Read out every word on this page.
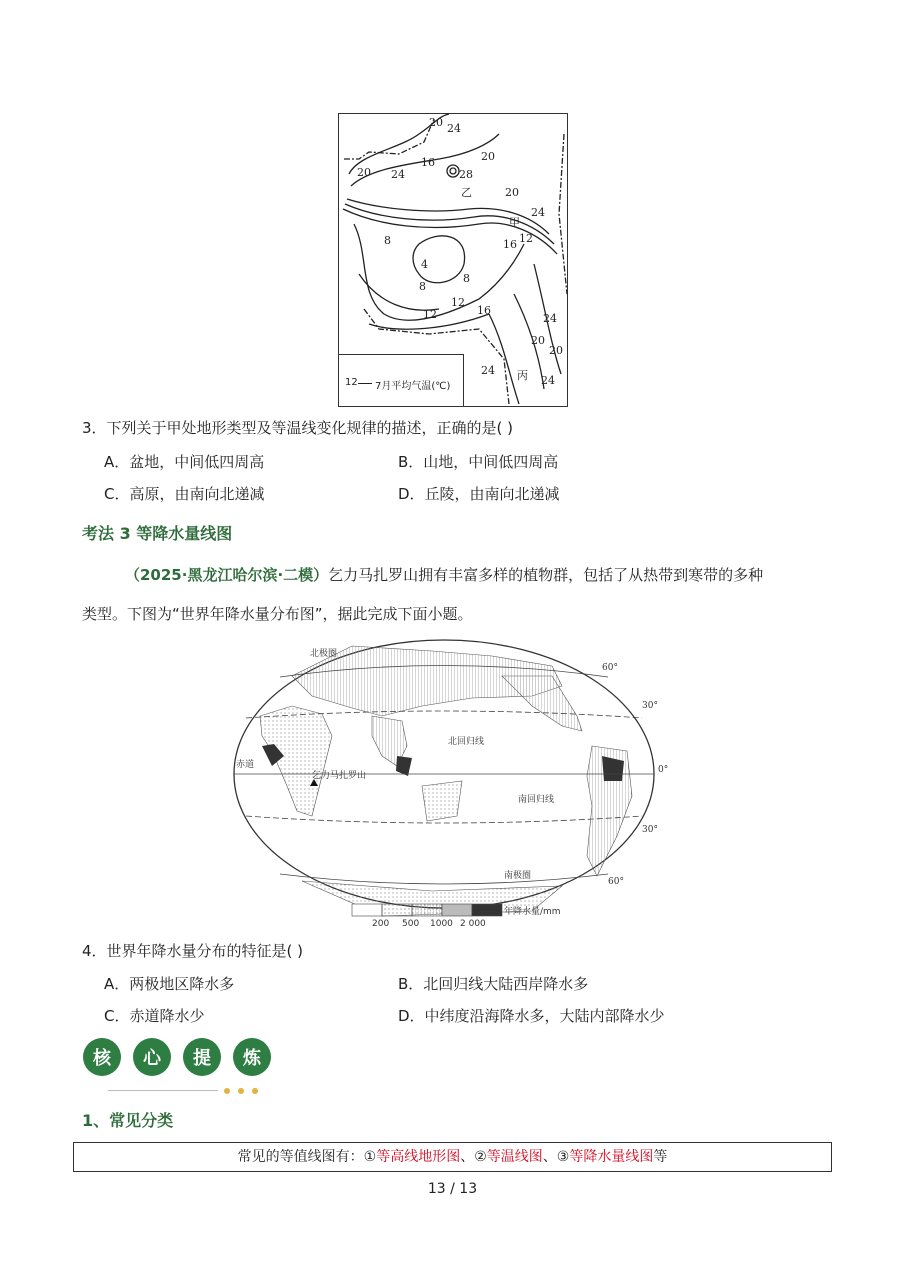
20 24
16
28
20
20 24
乙	20
24
甲
12
16
8
4
8
8
12
12	16
24
20
20
24 丙 24
12 7月平均气温(℃)
3．下列关于甲处地形类型及等温线变化规律的描述，正确的是( )
A．盆地，中间低四周高	B．山地，中间低四周高
C．高原，由南向北递减	D．丘陵，由南向北递减
考法 3 等降水量线图
（2025·黑龙江哈尔滨·二模）乞力马扎罗山拥有丰富多样的植物群，包括了从热带到寒带的多种
类型。下图为“世界年降水量分布图”，据此完成下面小题。
北极圈
南极圈
北回归线
南回归线
赤道
乞力马扎罗山
60°
30°
0°
30°
60°
年降水量/mm
200 500 1000 2 000
4．世界年降水量分布的特征是( )
A．两极地区降水多	B．北回归线大陆西岸降水多
C．赤道降水少	D．中纬度沿海降水多，大陆内部降水少
核	心	提	炼
1、常见分类
常见的等值线图有：①等高线地形图、②等温线图、③等降水量线图等
13 / 13
